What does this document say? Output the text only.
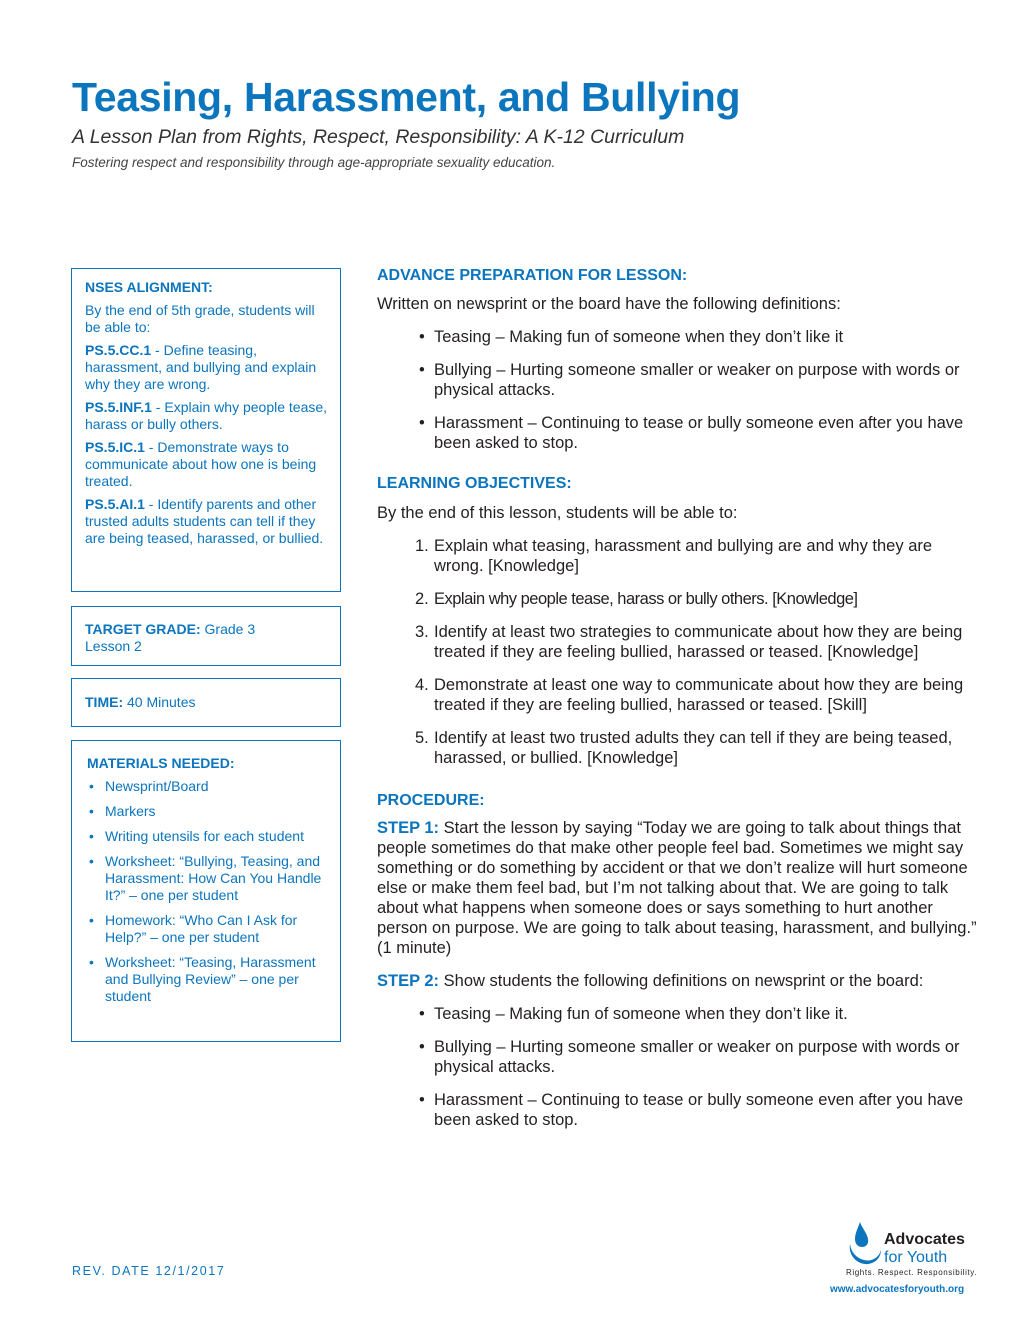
Teasing, Harassment, and Bullying

A Lesson Plan from Rights, Respect, Responsibility: A K-12 Curriculum

Fostering respect and responsibility through age-appropriate sexuality education.

NSES ALIGNMENT:

By the end of 5th grade, students will be able to:

PS.5.CC.1 - Define teasing, harassment, and bullying and explain why they are wrong.

PS.5.INF.1 - Explain why people tease, harass or bully others.

PS.5.IC.1 - Demonstrate ways to communicate about how one is being treated.

PS.5.AI.1 - Identify parents and other trusted adults students can tell if they are being teased, harassed, or bullied.

TARGET GRADE: Grade 3
Lesson 2
TIME: 40 Minutes
MATERIALS NEEDED:
• Newsprint/Board
• Markers
• Writing utensils for each student
• Worksheet: “Bullying, Teasing, and Harassment: How Can You Handle It?” – one per student
• Homework: “Who Can I Ask for Help?” – one per student
• Worksheet: “Teasing, Harassment and Bullying Review” – one per student
ADVANCE PREPARATION FOR LESSON:

Written on newsprint or the board have the following definitions:

• Teasing – Making fun of someone when they don’t like it
• Bullying – Hurting someone smaller or weaker on purpose with words or physical attacks.
• Harassment – Continuing to tease or bully someone even after you have been asked to stop.
LEARNING OBJECTIVES:

By the end of this lesson, students will be able to:

1. Explain what teasing, harassment and bullying are and why they are wrong. [Knowledge]
2. Explain why people tease, harass or bully others. [Knowledge]
3. Identify at least two strategies to communicate about how they are being treated if they are feeling bullied, harassed or teased. [Knowledge]
4. Demonstrate at least one way to communicate about how they are being treated if they are feeling bullied, harassed or teased. [Skill]
5. Identify at least two trusted adults they can tell if they are being teased, harassed, or bullied. [Knowledge]
PROCEDURE:

STEP 1: Start the lesson by saying “Today we are going to talk about things that people sometimes do that make other people feel bad. Sometimes we might say something or do something by accident or that we don’t realize will hurt someone else or make them feel bad, but I’m not talking about that. We are going to talk about what happens when someone does or says something to hurt another person on purpose. We are going to talk about teasing, harassment, and bullying.” (1 minute)

STEP 2: Show students the following definitions on newsprint or the board:

• Teasing – Making fun of someone when they don’t like it.
• Bullying – Hurting someone smaller or weaker on purpose with words or physical attacks.
• Harassment – Continuing to tease or bully someone even after you have been asked to stop.
REV. DATE 12/1/2017
Advocates
for Youth
Rights. Respect. Responsibility.
www.advocatesforyouth.org
